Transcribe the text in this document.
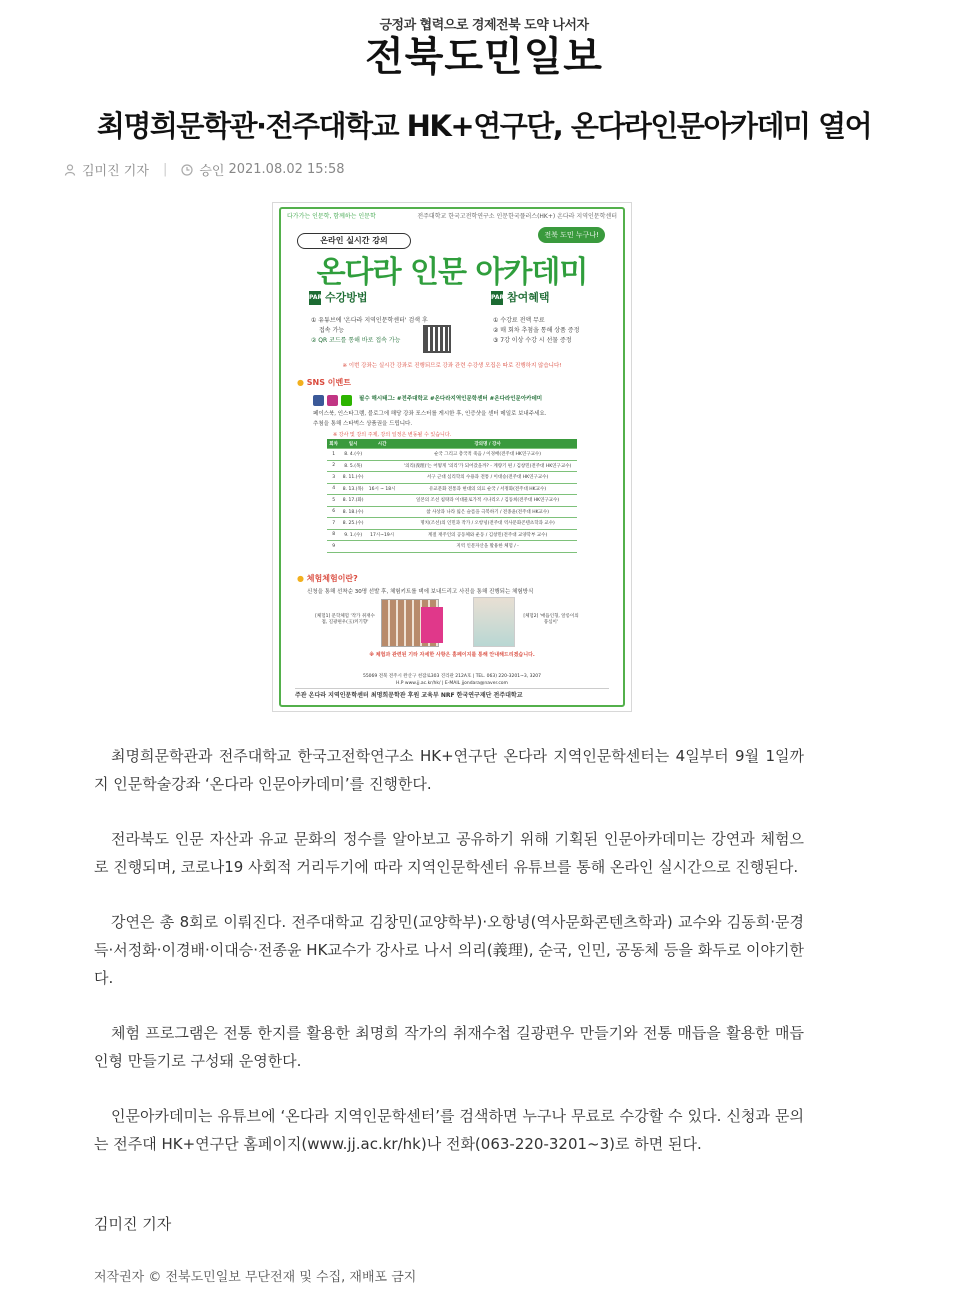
긍정과 협력으로 경제전북 도약 나서자
전북도민일보
최명희문학관·전주대학교 HK+연구단, 온다라인문아카데미 열어
김미진 기자 | 승인 2021.08.02 15:58
다가가는 인문학, 함께하는 인문학	전주대학교 한국고전학연구소 인문한국플러스(HK+) 온다라 지역인문학센터
온라인 실시간 강의
전북 도민 누구나!
온다라 인문 아카데미
PART 01수강방법
① 유튜브에 '온다라 지역인문학센터' 검색 후
접속 가능
② QR 코드를 통해 바로 접속 가능
PART 02참여혜택
① 수강료 전액 무료
② 매 회차 추첨을 통해 상품 증정
③ 7강 이상 수강 시 선물 증정
※ 이번 강좌는 실시간 강좌로 진행되므로 강좌 관련 수강생 모집은 따로 진행하지 않습니다!
● SNS 이벤트
필수 해시태그: #전주대학교 #온다라지역인문학센터 #온다라인문아카데미
페이스북, 인스타그램, 블로그에 해당 강좌 포스터를 게시한 후, 인증샷을 센터 메일로 보내주세요.
추첨을 통해 스타벅스 상품권을 드립니다.
※ 강사 및 강의 주제, 강의 일정은 변동될 수 있습니다.
회차	일시	시간	강의명 / 강사
1	8. 4.(수)		순국 그리고 총국적 죽음 / 이경배(전주대 HK연구교수)
2	8. 5.(목)		'의리(義理)'는 어떻게 '의리'가 되어갔을까? - 계량기 편 / 김창민(전주대 HK연구교수)
3	8. 11.(수)		서구 근대 심리학의 수용과 전통 / 이대승(전주대 HK연구교수)
4	8. 13.(목)	16시 ~ 18시	유교문화 전통과 현대의 의료 순국 / 서정화(전주대 HK교수)
5	8. 17.(화)		일본의 조선 침략과 이대물로가적 시나리오 / 김동희(전주대 HK연구교수)
6	8. 18.(수)		참 사상과 나라 잃은 슬픔을 극복하기 / 전종윤(전주대 HK교수)
7	8. 25.(수)		명치(조선)의 인민과 작가 / 오항녕(전주대 역사문화콘텐츠학과 교수)
8	9. 1.(수)	17시~19시	계절 재주인의 공동체와 운동 / 김창민(전주대 교양학부 교수)
9			지역 인문자산을 활용한 체험 / -
● 체험체험이란?
신청을 통해 선착순 30명 선발 후, 체험키트를 댁에 보내드리고 사진을 통해 진행되는 체험방식
[체험1] 문학체험 '작가 취재수첩, 길광편우(玉)커기향'
[체험2] '매듭인형, 알롱이의 풍심이'
※ 체험과 관련된 기타 자세한 사항은 홈페이지를 통해 안내해드리겠습니다.
55069 전북 전주시 완산구 천잠로303 진리관 212A호 | TEL. 063) 220-3201~3, 3207
H.P www.jj.ac.kr/hk/ | E-MAIL jjondara@naver.com
주관 온다라 지역인문학센터 최명희문학관 후원 교육부 NRF 한국연구재단 전주대학교

최명희문학관과 전주대학교 한국고전학연구소 HK+연구단 온다라 지역인문학센터는 4일부터 9월 1일까지 인문학술강좌 ‘온다라 인문아카데미’를 진행한다.

전라북도 인문 자산과 유교 문화의 정수를 알아보고 공유하기 위해 기획된 인문아카데미는 강연과 체험으로 진행되며, 코로나19 사회적 거리두기에 따라 지역인문학센터 유튜브를 통해 온라인 실시간으로 진행된다.

강연은 총 8회로 이뤄진다. 전주대학교 김창민(교양학부)·오항녕(역사문화콘텐츠학과) 교수와 김동희·문경득·서정화·이경배·이대승·전종윤 HK교수가 강사로 나서 의리(義理), 순국, 인민, 공동체 등을 화두로 이야기한다.

체험 프로그램은 전통 한지를 활용한 최명희 작가의 취재수첩 길광편우 만들기와 전통 매듭을 활용한 매듭 인형 만들기로 구성돼 운영한다.

인문아카데미는 유튜브에 ‘온다라 지역인문학센터’를 검색하면 누구나 무료로 수강할 수 있다. 신청과 문의는 전주대 HK+연구단 홈페이지(www.jj.ac.kr/hk)나 전화(063-220-3201~3)로 하면 된다.

김미진 기자
저작권자 © 전북도민일보 무단전재 및 수집, 재배포 금지
